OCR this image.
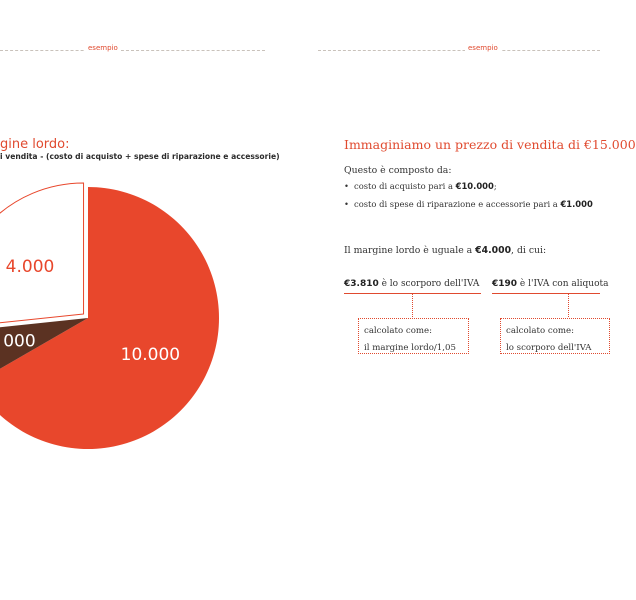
esempio	esempio
gine lordo:
i vendita - (costo di acquisto + spese di riparazione e accessorie)
10.000
000
4.000
Immaginiamo un prezzo di vendita di €15.000
Questo è composto da:
• costo di acquisto pari a €10.000;
• costo di spese di riparazione e accessorie pari a €1.000
Il margine lordo è uguale a €4.000, di cui:
€3.810 è lo scorporo dell'IVA
calcolato come:
il margine lordo/1,05
€190 è l'IVA con aliquota
calcolato come:
lo scorporo dell'IVA
